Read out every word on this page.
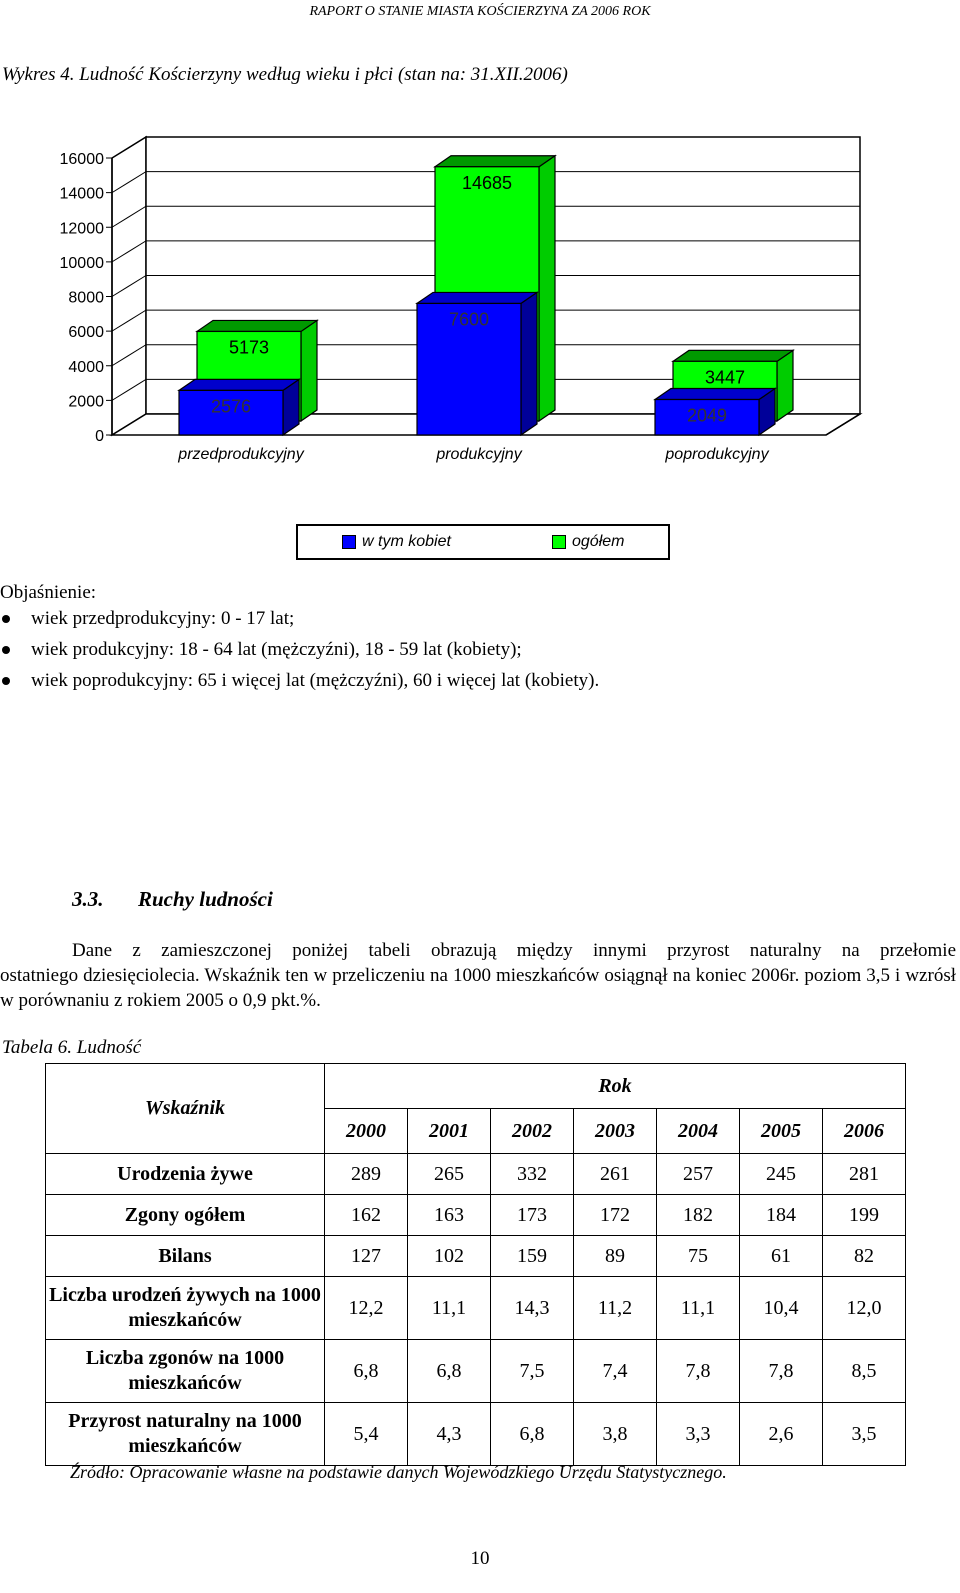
RAPORT O STANIE MIASTA KOŚCIERZYNA ZA 2006 ROK
Wykres 4. Ludność Kościerzyny według wieku i płci (stan na: 31.XII.2006)
0
2000
4000
6000
8000
10000
12000
14000
16000
5173
2576
przedprodukcyjny
14685
7600
produkcyjny
3447
2049
poprodukcyjny
w tym kobiet	ogółem
Objaśnienie:
wiek przedprodukcyjny: 0 - 17 lat;
wiek produkcyjny: 18 - 64 lat (mężczyźni), 18 - 59 lat (kobiety);
wiek poprodukcyjny: 65 i więcej lat (mężczyźni), 60 i więcej lat (kobiety).
3.3. Ruchy ludności
Dane z zamieszczonej poniżej tabeli obrazują między innymi przyrost naturalny na przełomie
ostatniego dziesięciolecia. Wskaźnik ten w przeliczeniu na 1000 mieszkańców osiągnął na koniec 2006r. poziom 3,5 i wzrósł w porównaniu z rokiem 2005 o 0,9 pkt.%.
Tabela 6. Ludność
Wskaźnik	Rok						
	2000	2001	2002	2003	2004	2005	2006
Urodzenia żywe	289	265	332	261	257	245	281
Zgony ogółem	162	163	173	172	182	184	199
Bilans	127	102	159	89	75	61	82
Liczba urodzeń żywych na 1000 mieszkańców	12,2	11,1	14,3	11,2	11,1	10,4	12,0
Liczba zgonów na 1000 mieszkańców	6,8	6,8	7,5	7,4	7,8	7,8	8,5
Przyrost naturalny na 1000 mieszkańców	5,4	4,3	6,8	3,8	3,3	2,6	3,5
Źródło: Opracowanie własne na podstawie danych Wojewódzkiego Urzędu Statystycznego.
10
